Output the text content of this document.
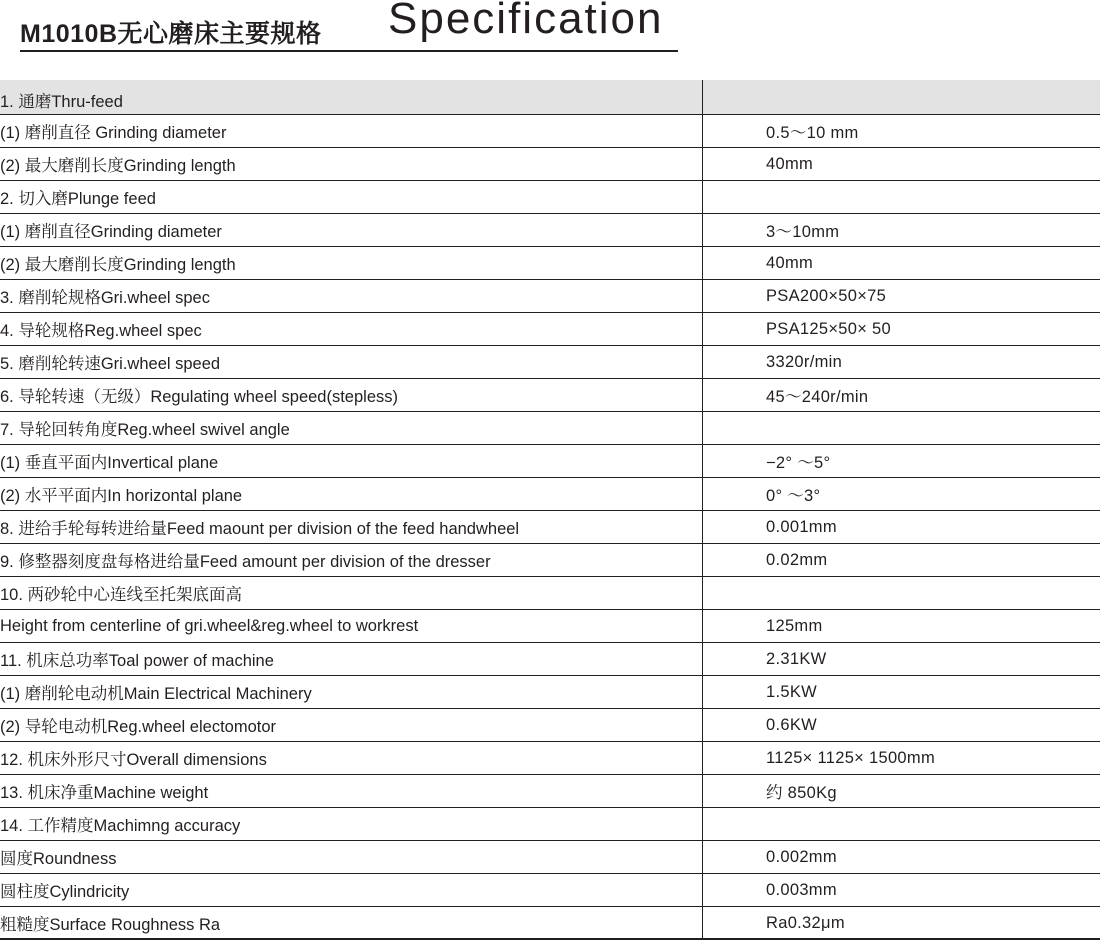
M1010B无心磨床主要规格 Specification
1. 通磨Thru-feed	
(1) 磨削直径 Grinding diameter	0.5～10 mm
(2) 最大磨削长度Grinding length	40mm
2. 切入磨Plunge feed	
(1) 磨削直径Grinding diameter	3～10mm
(2) 最大磨削长度Grinding length	40mm
3. 磨削轮规格Gri.wheel spec	PSA200×50×75
4. 导轮规格Reg.wheel spec	PSA125×50× 50
5. 磨削轮转速Gri.wheel speed	3320r/min
6. 导轮转速（无级）Regulating wheel speed(stepless)	45～240r/min
7. 导轮回转角度Reg.wheel swivel angle	
(1) 垂直平面内Invertical plane	−2° ～5°
(2) 水平平面内In horizontal plane	0° ～3°
8. 进给手轮每转进给量Feed maount per division of the feed handwheel	0.001mm
9. 修整器刻度盘每格进给量Feed amount per division of the dresser	0.02mm
10. 两砂轮中心连线至托架底面高	
Height from centerline of gri.wheel&reg.wheel to workrest	125mm
11. 机床总功率Toal power of machine	2.31KW
(1) 磨削轮电动机Main Electrical Machinery	1.5KW
(2) 导轮电动机Reg.wheel electomotor	0.6KW
12. 机床外形尺寸Overall dimensions	1125× 1125× 1500mm
13. 机床净重Machine weight	约 850Kg
14. 工作精度Machimng accuracy	
圆度Roundness	0.002mm
圆柱度Cylindricity	0.003mm
粗糙度Surface Roughness Ra	Ra0.32μm
